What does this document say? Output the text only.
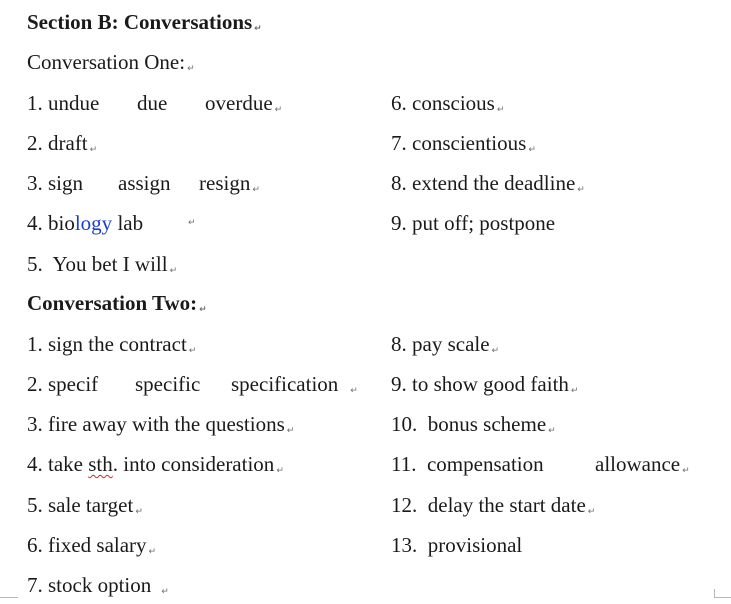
Section B: Conversations ↵
Conversation One: ↵
1. undue due overdue ↵
2. draft ↵
3. sign assign resign ↵
4. biology lab	↵
5.  You bet I will ↵
6. conscious ↵
7. conscientious ↵
8. extend the deadline ↵
9. put off; postpone
Conversation Two: ↵
1. sign the contract ↵
2. specif specific specification ↵
3. fire away with the questions ↵
4. take sth. into consideration ↵
5. sale target ↵
6. fixed salary ↵
7. stock option ↵
8. pay scale ↵
9. to show good faith ↵
10.  bonus scheme ↵
11.  compensation allowance ↵
12.  delay the start date ↵
13.  provisional
